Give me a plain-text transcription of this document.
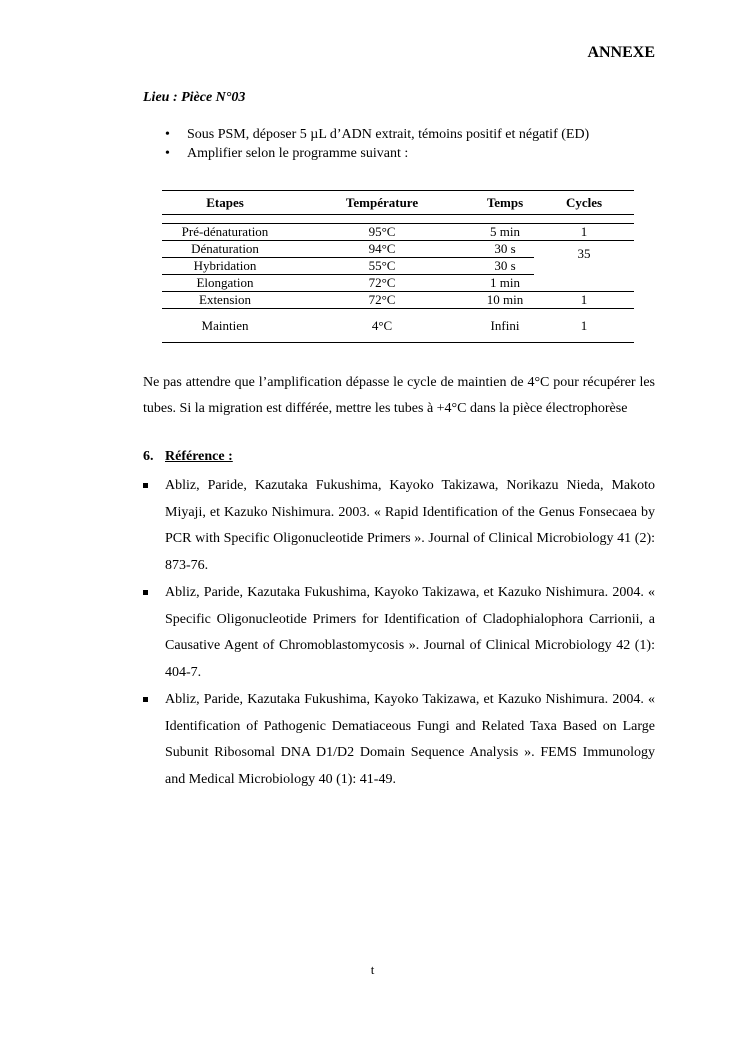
ANNEXE
Lieu : Pièce N°03
• Sous PSM, déposer 5 µL d’ADN extrait, témoins positif et négatif (ED)
• Amplifier selon le programme suivant :
Etapes	Température	Temps	Cycles

Pré-dénaturation	95°C	5 min	1
Dénaturation	94°C	30 s	35
Hybridation	55°C	30 s	
Elongation	72°C	1 min	
Extension	72°C	10 min	1

Maintien	4°C	Infini	1

Ne pas attendre que l’amplification dépasse le cycle de maintien de 4°C pour récupérer les tubes. Si la migration est différée, mettre les tubes à +4°C dans la pièce électrophorèse
6. Référence :
Abliz, Paride, Kazutaka Fukushima, Kayoko Takizawa, Norikazu Nieda, Makoto Miyaji, et Kazuko Nishimura. 2003. « Rapid Identification of the Genus Fonsecaea by PCR with Specific Oligonucleotide Primers ». Journal of Clinical Microbiology 41 (2): 873‑76.
Abliz, Paride, Kazutaka Fukushima, Kayoko Takizawa, et Kazuko Nishimura. 2004. « Specific Oligonucleotide Primers for Identification of Cladophialophora Carrionii, a Causative Agent of Chromoblastomycosis ». Journal of Clinical Microbiology 42 (1): 404‑7.
Abliz, Paride, Kazutaka Fukushima, Kayoko Takizawa, et Kazuko Nishimura. 2004. « Identification of Pathogenic Dematiaceous Fungi and Related Taxa Based on Large Subunit Ribosomal DNA D1/D2 Domain Sequence Analysis ». FEMS Immunology and Medical Microbiology 40 (1): 41‑49.
t
